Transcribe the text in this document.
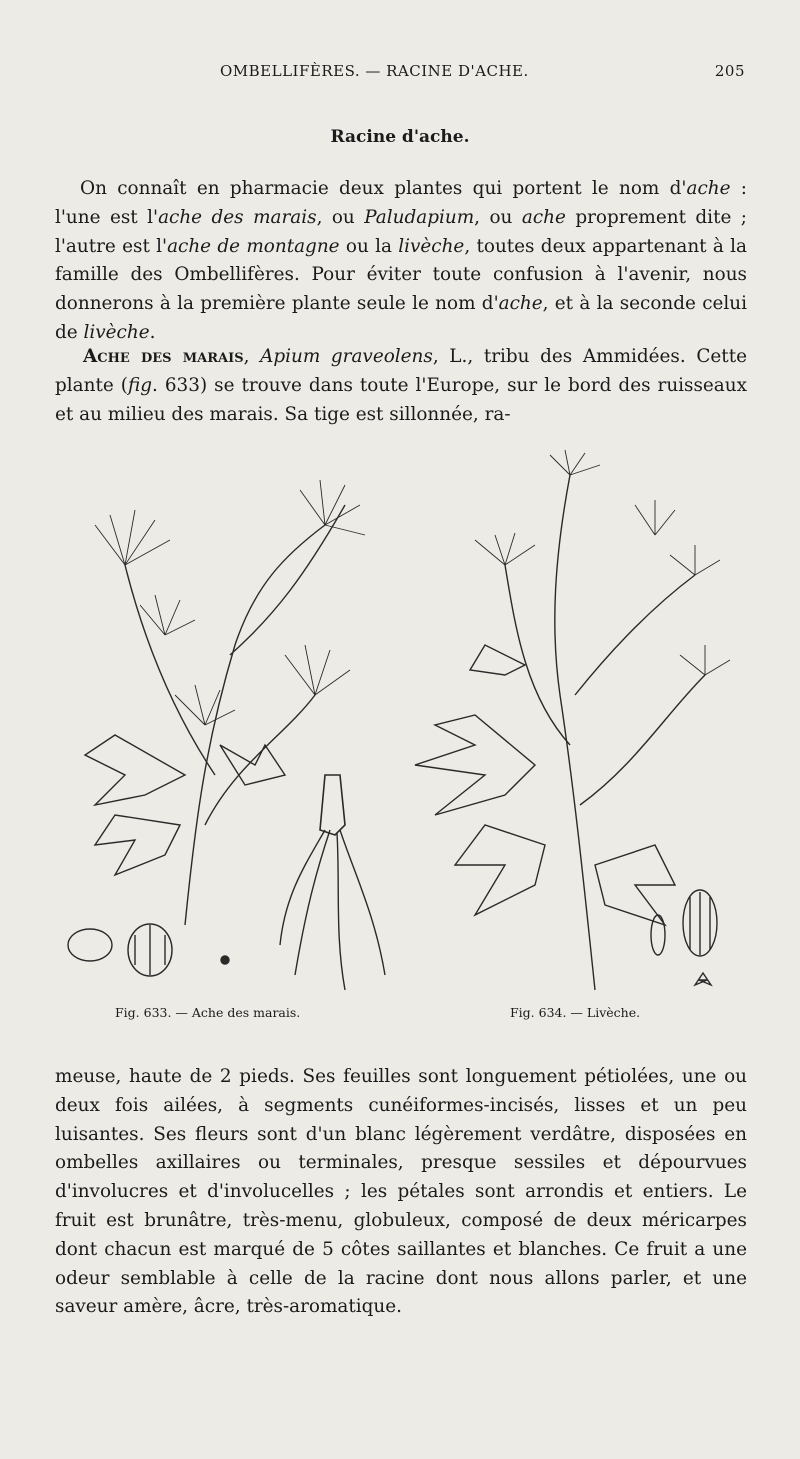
OMBELLIFÈRES. — RACINE D'ACHE.	205
Racine d'ache.
On connaît en pharmacie deux plantes qui portent le nom d'ache : l'une est l'ache des marais, ou Paludapium, ou ache proprement dite ; l'autre est l'ache de montagne ou la livèche, toutes deux appartenant à la famille des Ombellifères. Pour éviter toute confusion à l'avenir, nous donnerons à la première plante seule le nom d'ache, et à la seconde celui de livèche.
Ache des marais, Apium graveolens, L., tribu des Ammidées. Cette plante (fig. 633) se trouve dans toute l'Europe, sur le bord des ruisseaux et au milieu des marais. Sa tige est sillonnée, ra-
Fig. 633. — Ache des marais.	Fig. 634. — Livèche.
meuse, haute de 2 pieds. Ses feuilles sont longuement pétiolées, une ou deux fois ailées, à segments cunéiformes-incisés, lisses et un peu luisantes. Ses fleurs sont d'un blanc légèrement verdâtre, disposées en ombelles axillaires ou terminales, presque sessiles et dépourvues d'involucres et d'involucelles ; les pétales sont arrondis et entiers. Le fruit est brunâtre, très-menu, globuleux, composé de deux méricarpes dont chacun est marqué de 5 côtes saillantes et blanches. Ce fruit a une odeur semblable à celle de la racine dont nous allons parler, et une saveur amère, âcre, très-aromatique.
